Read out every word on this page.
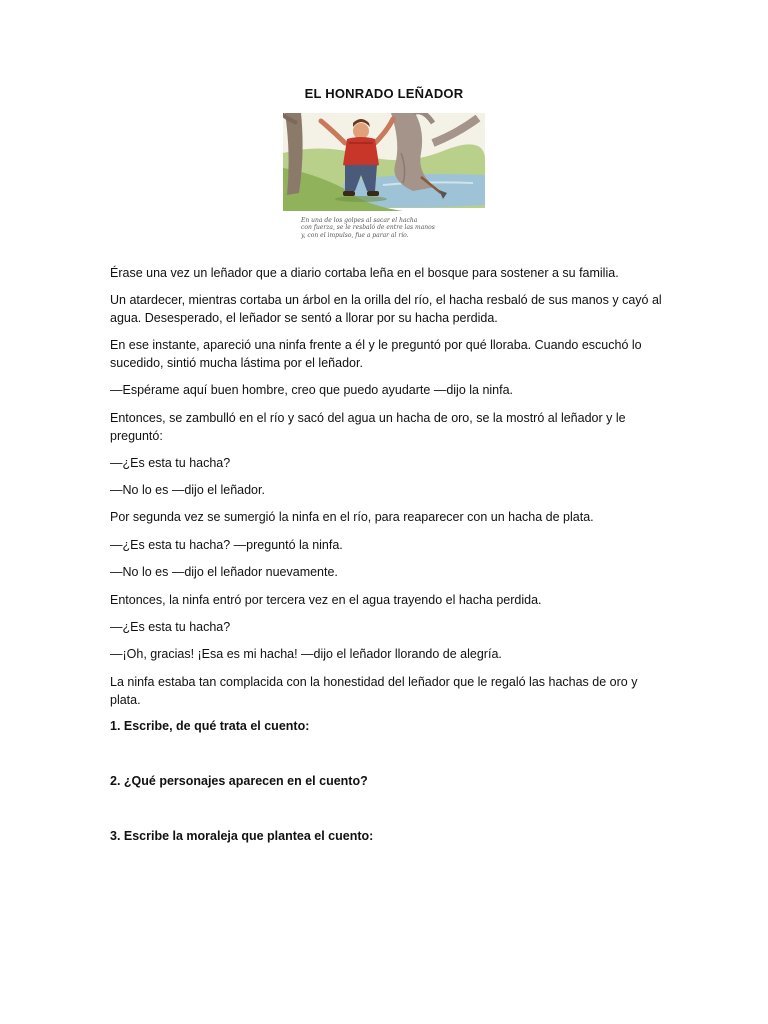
EL HONRADO LEÑADOR
En una de los golpes al sacar el hacha
con fuerza, se le resbaló de entre las manos
y, con el impulso, fue a parar al río.

Érase una vez un leñador que a diario cortaba leña en el bosque para sostener a su familia.

Un atardecer, mientras cortaba un árbol en la orilla del río, el hacha resbaló de sus manos y cayó al agua. Desesperado, el leñador se sentó a llorar por su hacha perdida.

En ese instante, apareció una ninfa frente a él y le preguntó por qué lloraba. Cuando escuchó lo sucedido, sintió mucha lástima por el leñador.

—Espérame aquí buen hombre, creo que puedo ayudarte —dijo la ninfa.

Entonces, se zambulló en el río y sacó del agua un hacha de oro, se la mostró al leñador y le preguntó:

—¿Es esta tu hacha?

—No lo es —dijo el leñador.

Por segunda vez se sumergió la ninfa en el río, para reaparecer con un hacha de plata.

—¿Es esta tu hacha? —preguntó la ninfa.

—No lo es —dijo el leñador nuevamente.

Entonces, la ninfa entró por tercera vez en el agua trayendo el hacha perdida.

—¿Es esta tu hacha?

—¡Oh, gracias! ¡Esa es mi hacha! —dijo el leñador llorando de alegría.

La ninfa estaba tan complacida con la honestidad del leñador que le regaló las hachas de oro y plata.

1. Escribe, de qué trata el cuento:

2. ¿Qué personajes aparecen en el cuento?

3. Escribe la moraleja que plantea el cuento:
